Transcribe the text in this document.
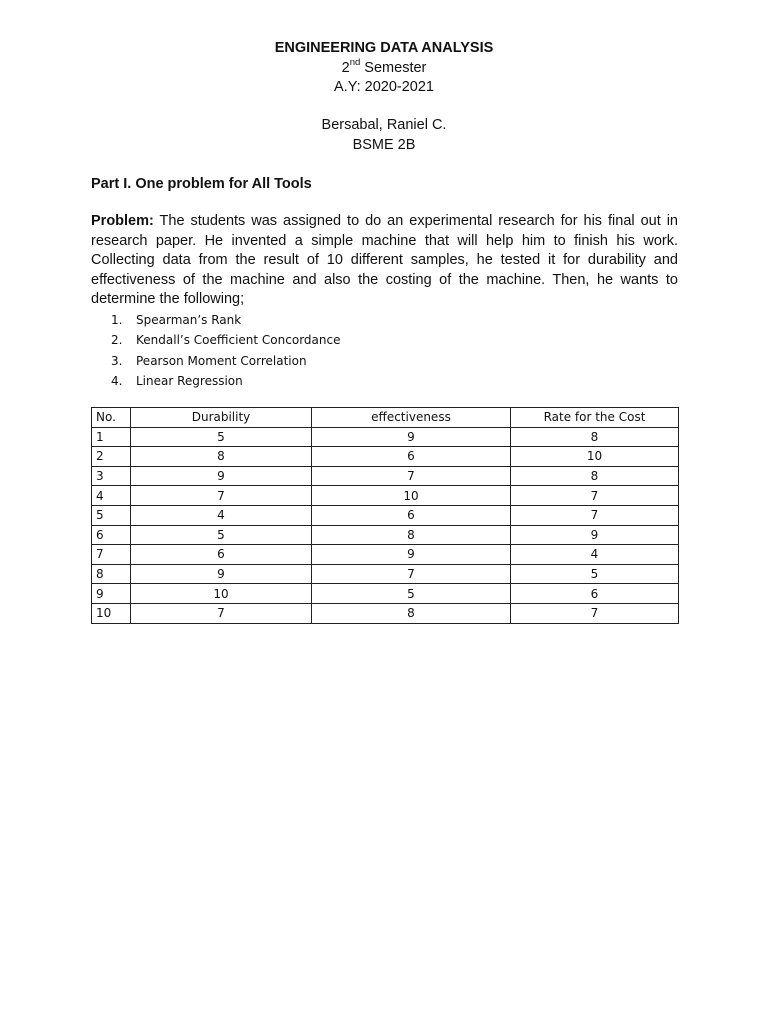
ENGINEERING DATA ANALYSIS
2nd Semester
A.Y: 2020-2021
Bersabal, Raniel C.
BSME 2B
Part I. One problem for All Tools
Problem: The students was assigned to do an experimental research for his final out in research paper. He invented a simple machine that will help him to finish his work. Collecting data from the result of 10 different samples, he tested it for durability and effectiveness of the machine and also the costing of the machine. Then, he wants to determine the following;
1.	Spearman’s Rank
2.	Kendall’s Coefficient Concordance
3.	Pearson Moment Correlation
4.	Linear Regression
No.	Durability	effectiveness	Rate for the Cost
1	5	9	8
2	8	6	10
3	9	7	8
4	7	10	7
5	4	6	7
6	5	8	9
7	6	9	4
8	9	7	5
9	10	5	6
10	7	8	7
